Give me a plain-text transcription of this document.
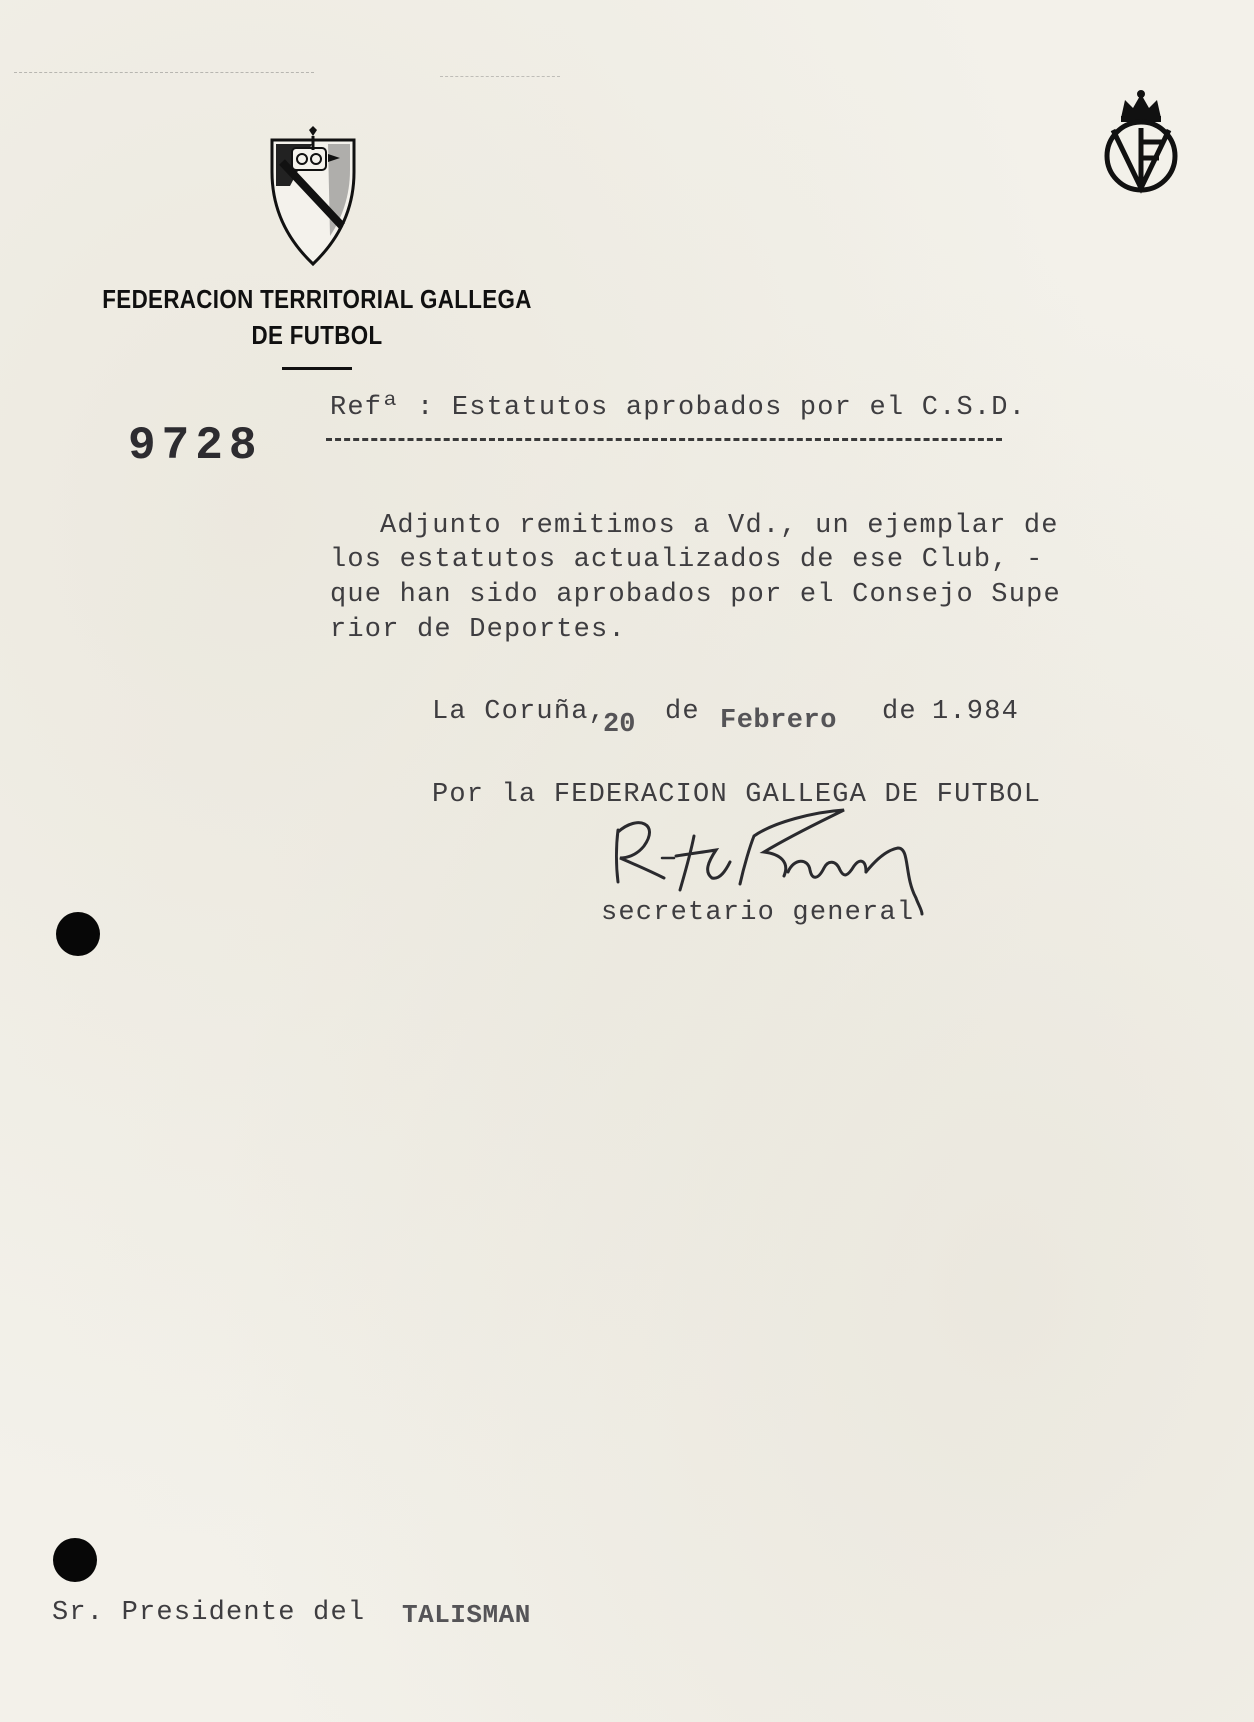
FEDERACION TERRITORIAL GALLEGA
DE FUTBOL
9728
Refª : Estatutos aprobados por el C.S.D.
Adjunto remitimos a Vd., un ejemplar de
los estatutos actualizados de ese Club, -
que han sido aprobados por el Consejo Supe
rior de Deportes.
La Coruña,
20 de Febrero de 1.984
Por la FEDERACION GALLEGA DE FUTBOL
secretario general
Sr. Presidente del TALISMAN
